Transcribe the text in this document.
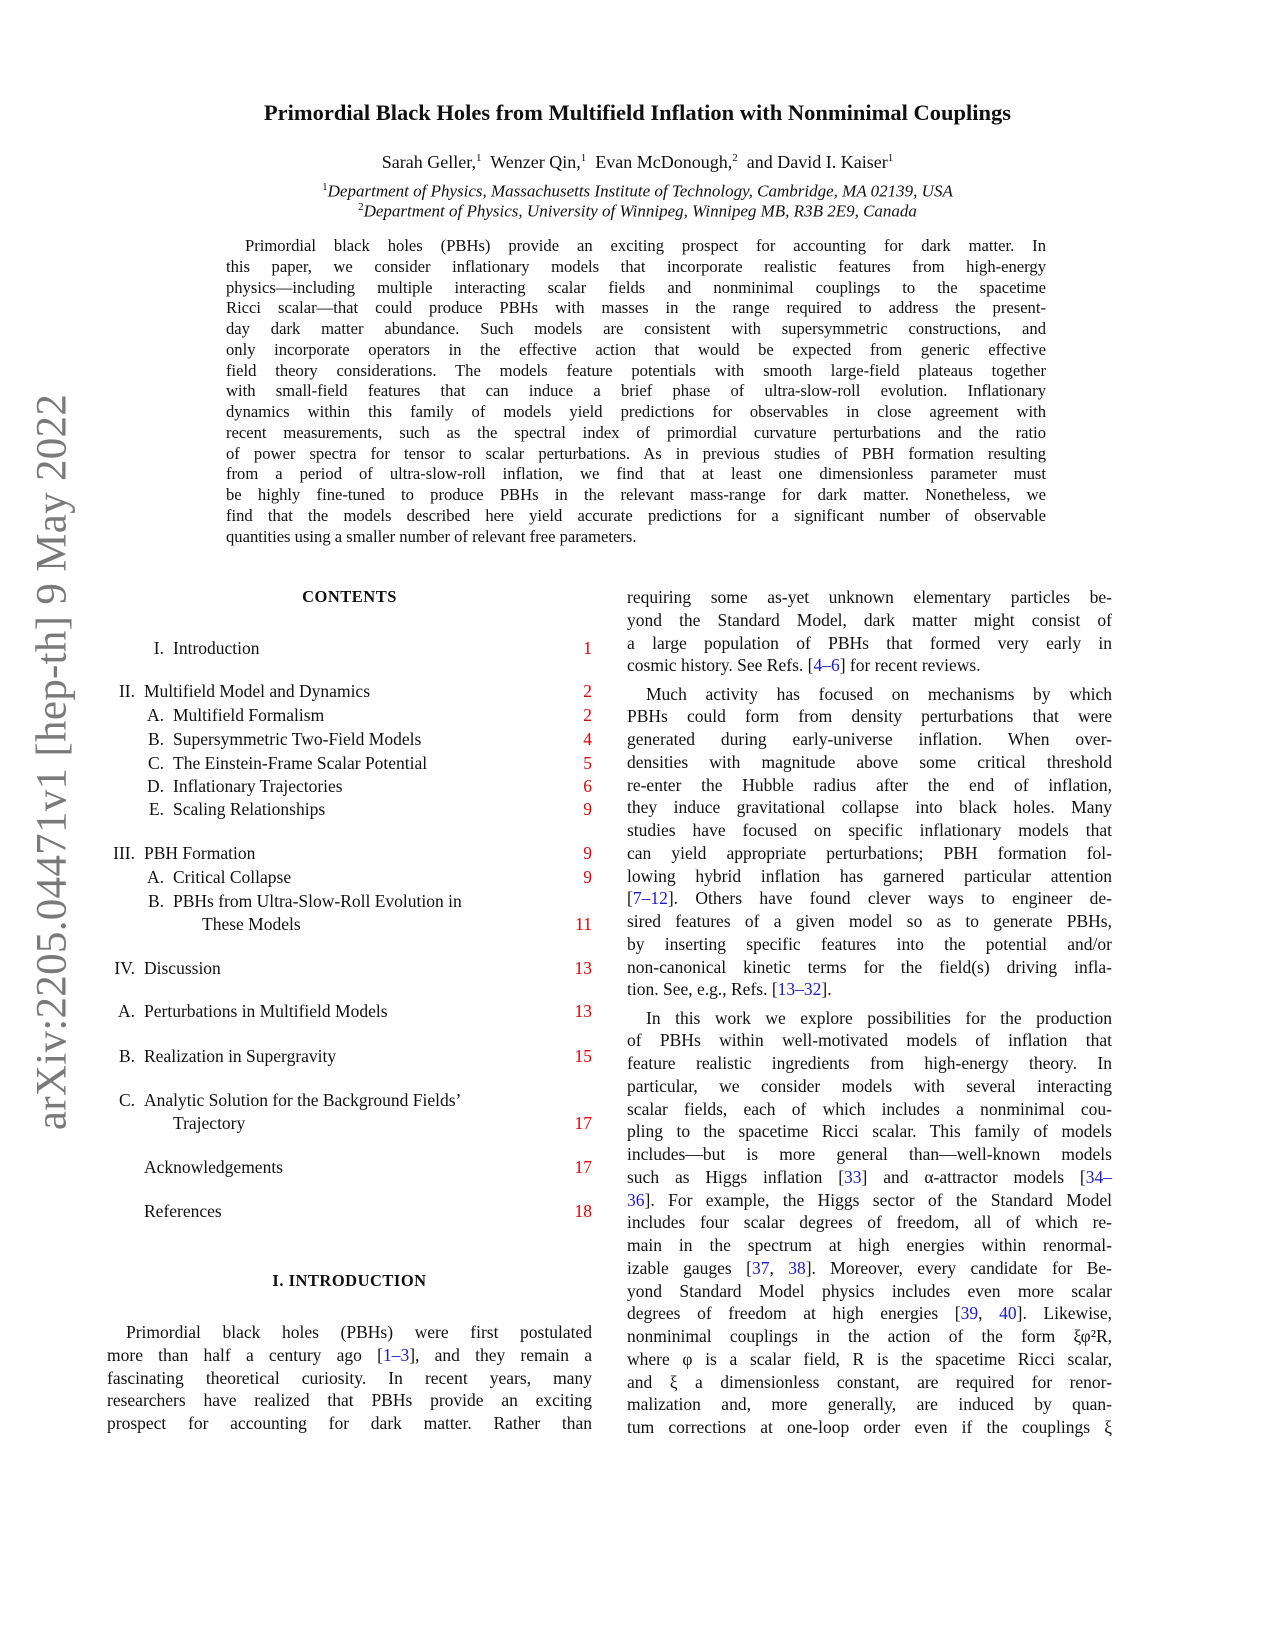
arXiv:2205.04471v1 [hep-th] 9 May 2022
Primordial Black Holes from Multifield Inflation with Nonminimal Couplings
Sarah Geller,$^1$ Wenzer Qin,$^1$ Evan McDonough,$^2$ and David I. Kaiser$^1$
$^1$Department of Physics, Massachusetts Institute of Technology, Cambridge, MA 02139, USA
$^2$Department of Physics, University of Winnipeg, Winnipeg MB, R3B 2E9, Canada
Primordial black holes (PBHs) provide an exciting prospect for accounting for dark matter. In
this paper, we consider inflationary models that incorporate realistic features from high-energy
physics—including multiple interacting scalar fields and nonminimal couplings to the spacetime
Ricci scalar—that could produce PBHs with masses in the range required to address the present-
day dark matter abundance. Such models are consistent with supersymmetric constructions, and
only incorporate operators in the effective action that would be expected from generic effective
field theory considerations. The models feature potentials with smooth large-field plateaus together
with small-field features that can induce a brief phase of ultra-slow-roll evolution. Inflationary
dynamics within this family of models yield predictions for observables in close agreement with
recent measurements, such as the spectral index of primordial curvature perturbations and the ratio
of power spectra for tensor to scalar perturbations. As in previous studies of PBH formation resulting
from a period of ultra-slow-roll inflation, we find that at least one dimensionless parameter must
be highly fine-tuned to produce PBHs in the relevant mass-range for dark matter. Nonetheless, we
find that the models described here yield accurate predictions for a significant number of observable
quantities using a smaller number of relevant free parameters.
CONTENTS
I. Introduction	1
II. Multifield Model and Dynamics	2
A. Multifield Formalism	2
B. Supersymmetric Two-Field Models	4
C. The Einstein-Frame Scalar Potential	5
D. Inflationary Trajectories	6
E. Scaling Relationships	9
III. PBH Formation	9
A. Critical Collapse	9
B. PBHs from Ultra-Slow-Roll Evolution in
These Models	11
IV. Discussion	13
A. Perturbations in Multifield Models	13
B. Realization in Supergravity	15
C. Analytic Solution for the Background Fields’
Trajectory	17
Acknowledgements	17
References	18
I. INTRODUCTION
Primordial black holes (PBHs) were first postulated
more than half a century ago [1–3], and they remain a
fascinating theoretical curiosity. In recent years, many
researchers have realized that PBHs provide an exciting
prospect for accounting for dark matter. Rather than
requiring some as-yet unknown elementary particles be-
yond the Standard Model, dark matter might consist of
a large population of PBHs that formed very early in
cosmic history. See Refs. [4–6] for recent reviews.
Much activity has focused on mechanisms by which
PBHs could form from density perturbations that were
generated during early-universe inflation. When over-
densities with magnitude above some critical threshold
re-enter the Hubble radius after the end of inflation,
they induce gravitational collapse into black holes. Many
studies have focused on specific inflationary models that
can yield appropriate perturbations; PBH formation fol-
lowing hybrid inflation has garnered particular attention
[7–12]. Others have found clever ways to engineer de-
sired features of a given model so as to generate PBHs,
by inserting specific features into the potential and/or
non-canonical kinetic terms for the field(s) driving infla-
tion. See, e.g., Refs. [13–32].
In this work we explore possibilities for the production
of PBHs within well-motivated models of inflation that
feature realistic ingredients from high-energy theory. In
particular, we consider models with several interacting
scalar fields, each of which includes a nonminimal cou-
pling to the spacetime Ricci scalar. This family of models
includes—but is more general than—well-known models
such as Higgs inflation [33] and α-attractor models [34–
36]. For example, the Higgs sector of the Standard Model
includes four scalar degrees of freedom, all of which re-
main in the spectrum at high energies within renormal-
izable gauges [37, 38]. Moreover, every candidate for Be-
yond Standard Model physics includes even more scalar
degrees of freedom at high energies [39, 40]. Likewise,
nonminimal couplings in the action of the form ξφ²R,
where φ is a scalar field, R is the spacetime Ricci scalar,
and ξ a dimensionless constant, are required for renor-
malization and, more generally, are induced by quan-
tum corrections at one-loop order even if the couplings ξ
